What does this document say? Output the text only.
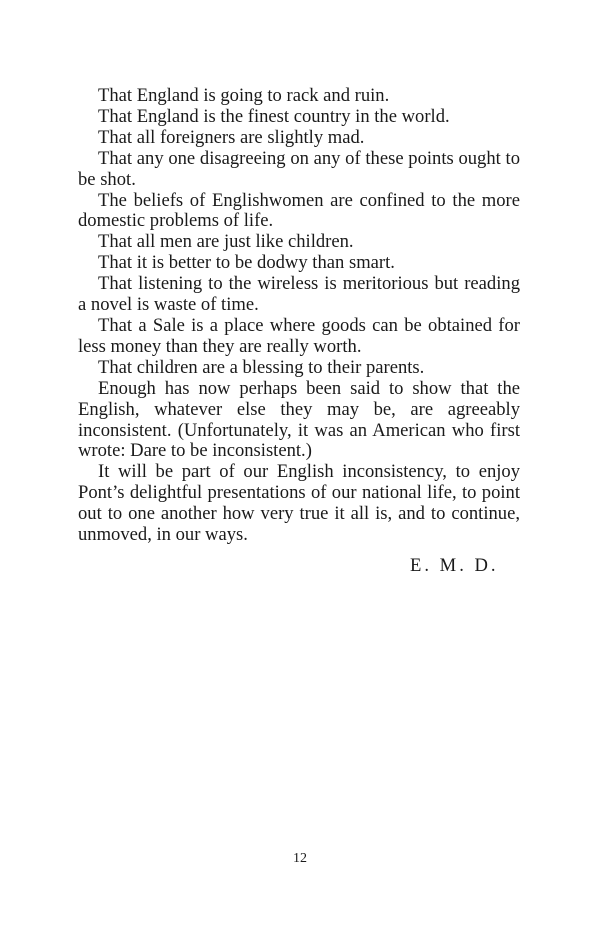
That England is going to rack and ruin.

That England is the finest country in the world.

That all foreigners are slightly mad.

That any one disagreeing on any of these points ought to be shot.

The beliefs of Englishwomen are confined to the more domestic problems of life.

That all men are just like children.

That it is better to be dodwy than smart.

That listening to the wireless is meritorious but reading a novel is waste of time.

That a Sale is a place where goods can be obtained for less money than they are really worth.

That children are a blessing to their parents.

Enough has now perhaps been said to show that the English, whatever else they may be, are agreeably inconsistent. (Unfortunately, it was an American who first wrote: Dare to be inconsistent.)

It will be part of our English inconsistency, to enjoy Pont’s delightful presentations of our national life, to point out to one another how very true it all is, and to continue, unmoved, in our ways.

E. M. D.

12
